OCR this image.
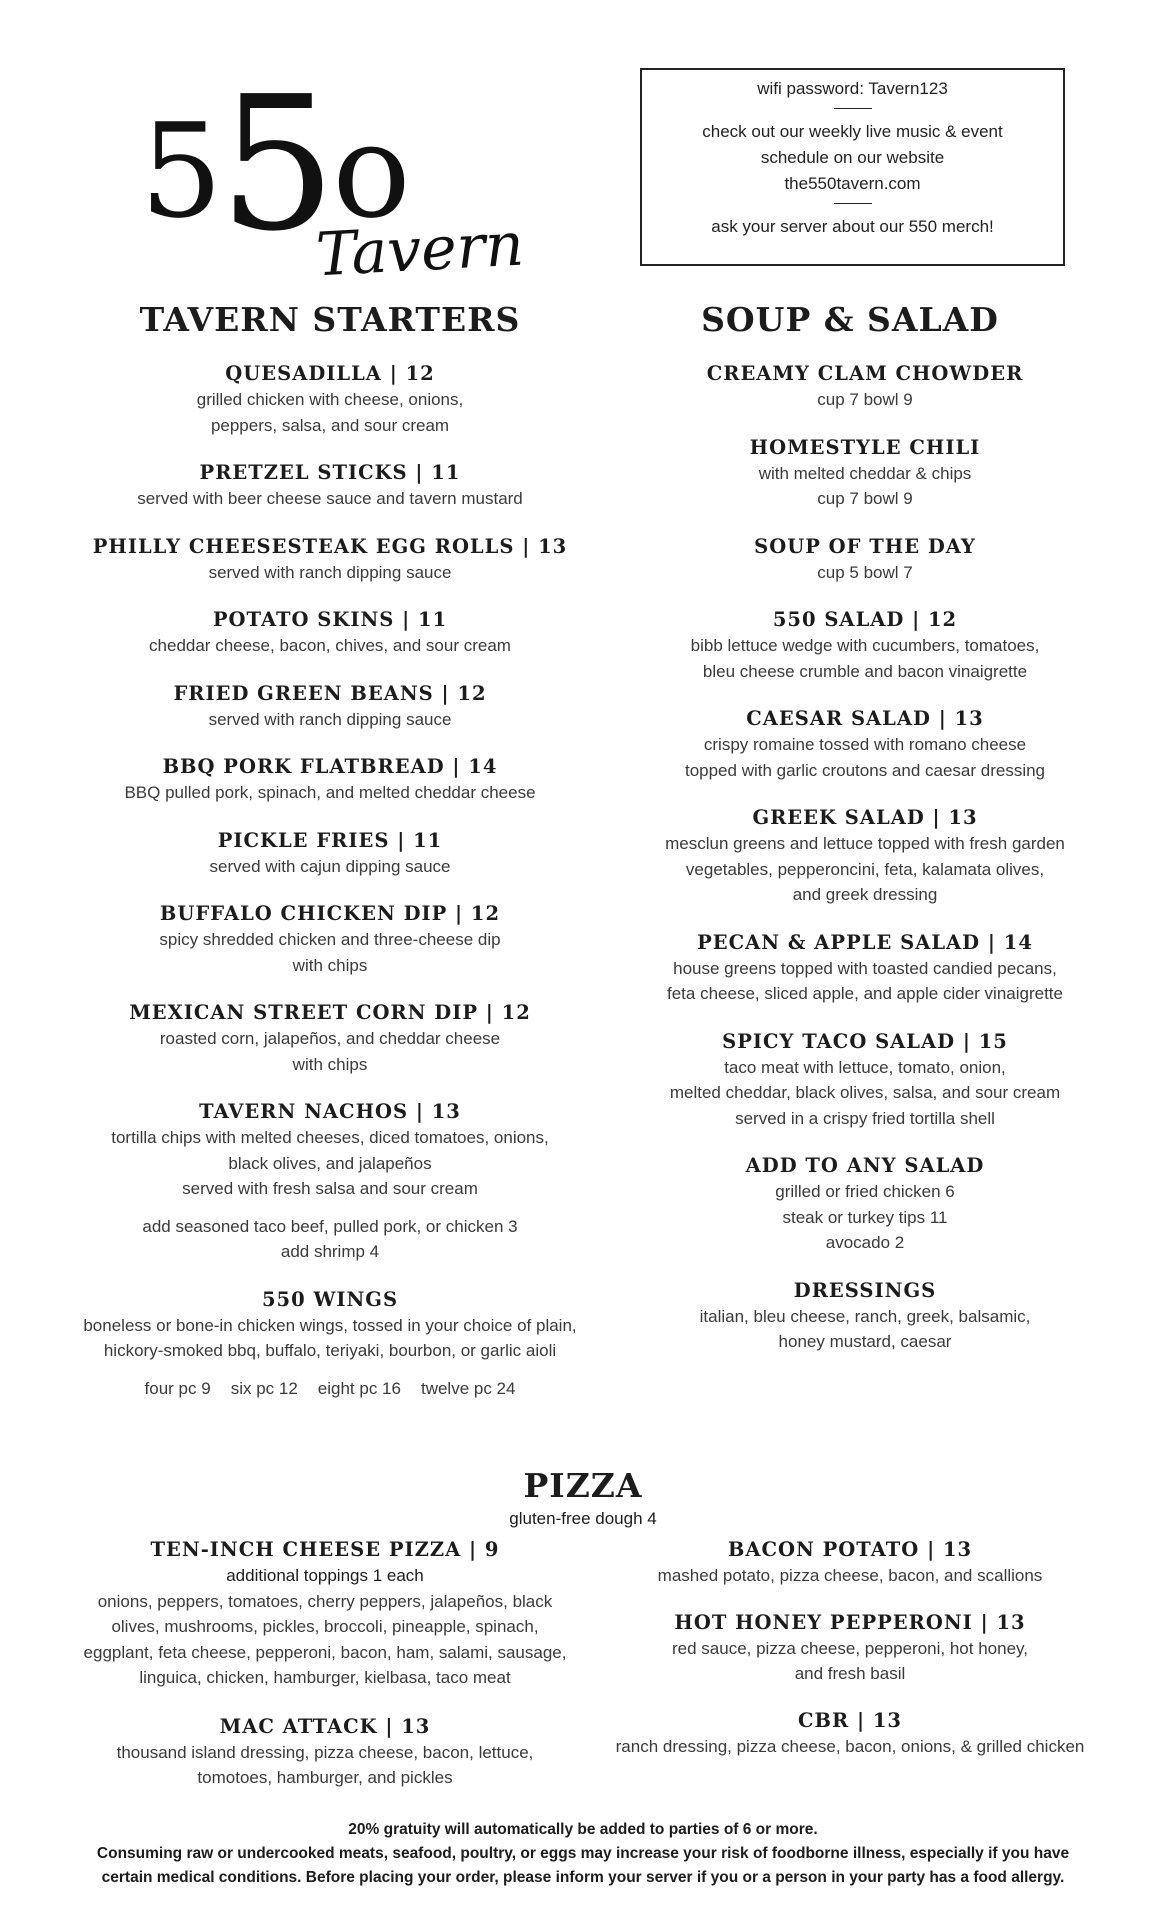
55o
Tavern
wifi password: Tavern123
check out our weekly live music & event
schedule on our website
the550tavern.com
ask your server about our 550 merch!
TAVERN STARTERS	SOUP & SALAD
QUESADILLA | 12
grilled chicken with cheese, onions,
peppers, salsa, and sour cream
PRETZEL STICKS | 11
served with beer cheese sauce and tavern mustard
PHILLY CHEESESTEAK EGG ROLLS | 13
served with ranch dipping sauce
POTATO SKINS | 11
cheddar cheese, bacon, chives, and sour cream
FRIED GREEN BEANS | 12
served with ranch dipping sauce
BBQ PORK FLATBREAD | 14
BBQ pulled pork, spinach, and melted cheddar cheese
PICKLE FRIES | 11
served with cajun dipping sauce
BUFFALO CHICKEN DIP | 12
spicy shredded chicken and three-cheese dip
with chips
MEXICAN STREET CORN DIP | 12
roasted corn, jalapeños, and cheddar cheese
with chips
TAVERN NACHOS | 13
tortilla chips with melted cheeses, diced tomatoes, onions,
black olives, and jalapeños
served with fresh salsa and sour cream
add seasoned taco beef, pulled pork, or chicken 3
add shrimp 4
550 WINGS
boneless or bone-in chicken wings, tossed in your choice of plain,
hickory-smoked bbq, buffalo, teriyaki, bourbon, or garlic aioli
four pc 9 six pc 12 eight pc 16 twelve pc 24
CREAMY CLAM CHOWDER
cup 7 bowl 9
HOMESTYLE CHILI
with melted cheddar & chips
cup 7 bowl 9
SOUP OF THE DAY
cup 5 bowl 7
550 SALAD | 12
bibb lettuce wedge with cucumbers, tomatoes,
bleu cheese crumble and bacon vinaigrette
CAESAR SALAD | 13
crispy romaine tossed with romano cheese
topped with garlic croutons and caesar dressing
GREEK SALAD | 13
mesclun greens and lettuce topped with fresh garden
vegetables, pepperoncini, feta, kalamata olives,
and greek dressing
PECAN & APPLE SALAD | 14
house greens topped with toasted candied pecans,
feta cheese, sliced apple, and apple cider vinaigrette
SPICY TACO SALAD | 15
taco meat with lettuce, tomato, onion,
melted cheddar, black olives, salsa, and sour cream
served in a crispy fried tortilla shell
ADD TO ANY SALAD
grilled or fried chicken 6
steak or turkey tips 11
avocado 2
DRESSINGS
italian, bleu cheese, ranch, greek, balsamic,
honey mustard, caesar
PIZZA
gluten-free dough 4
TEN-INCH CHEESE PIZZA | 9
additional toppings 1 each
onions, peppers, tomatoes, cherry peppers, jalapeños, black
olives, mushrooms, pickles, broccoli, pineapple, spinach,
eggplant, feta cheese, pepperoni, bacon, ham, salami, sausage,
linguica, chicken, hamburger, kielbasa, taco meat
MAC ATTACK | 13
thousand island dressing, pizza cheese, bacon, lettuce,
tomotoes, hamburger, and pickles
BACON POTATO | 13
mashed potato, pizza cheese, bacon, and scallions
HOT HONEY PEPPERONI | 13
red sauce, pizza cheese, pepperoni, hot honey,
and fresh basil
CBR | 13
ranch dressing, pizza cheese, bacon, onions, & grilled chicken
20% gratuity will automatically be added to parties of 6 or more.
Consuming raw or undercooked meats, seafood, poultry, or eggs may increase your risk of foodborne illness, especially if you have
certain medical conditions. Before placing your order, please inform your server if you or a person in your party has a food allergy.
